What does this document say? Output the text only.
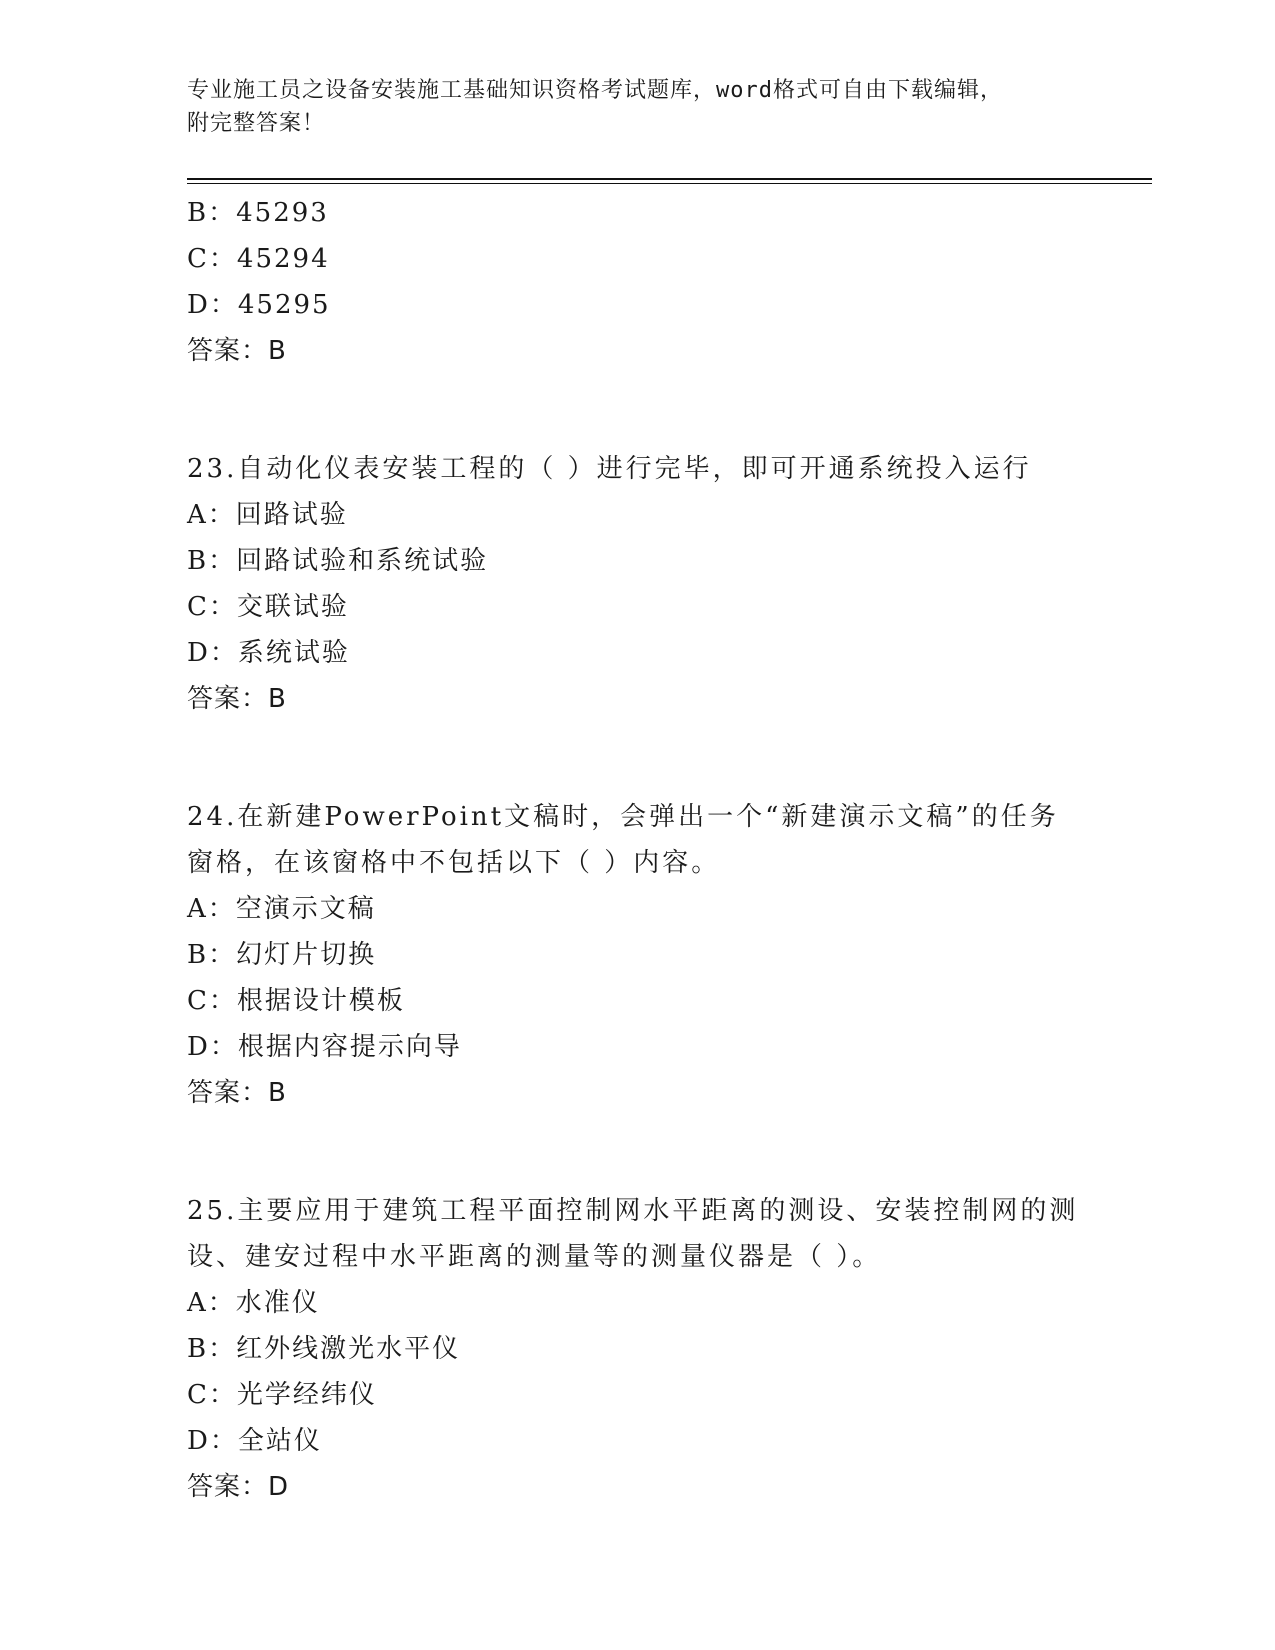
专业施工员之设备安装施工基础知识资格考试题库，word格式可自由下载编辑，
附完整答案！
B：45293
C：45294
D：45295
答案：B
23.自动化仪表安装工程的（ ）进行完毕，即可开通系统投入运行
A：回路试验
B：回路试验和系统试验
C：交联试验
D：系统试验
答案：B
24.在新建PowerPoint文稿时，会弹出一个“新建演示文稿”的任务
窗格，在该窗格中不包括以下（ ）内容。
A：空演示文稿
B：幻灯片切换
C：根据设计模板
D：根据内容提示向导
答案：B
25.主要应用于建筑工程平面控制网水平距离的测设、安装控制网的测
设、建安过程中水平距离的测量等的测量仪器是（ ）。
A：水准仪
B：红外线激光水平仪
C：光学经纬仪
D：全站仪
答案：D
